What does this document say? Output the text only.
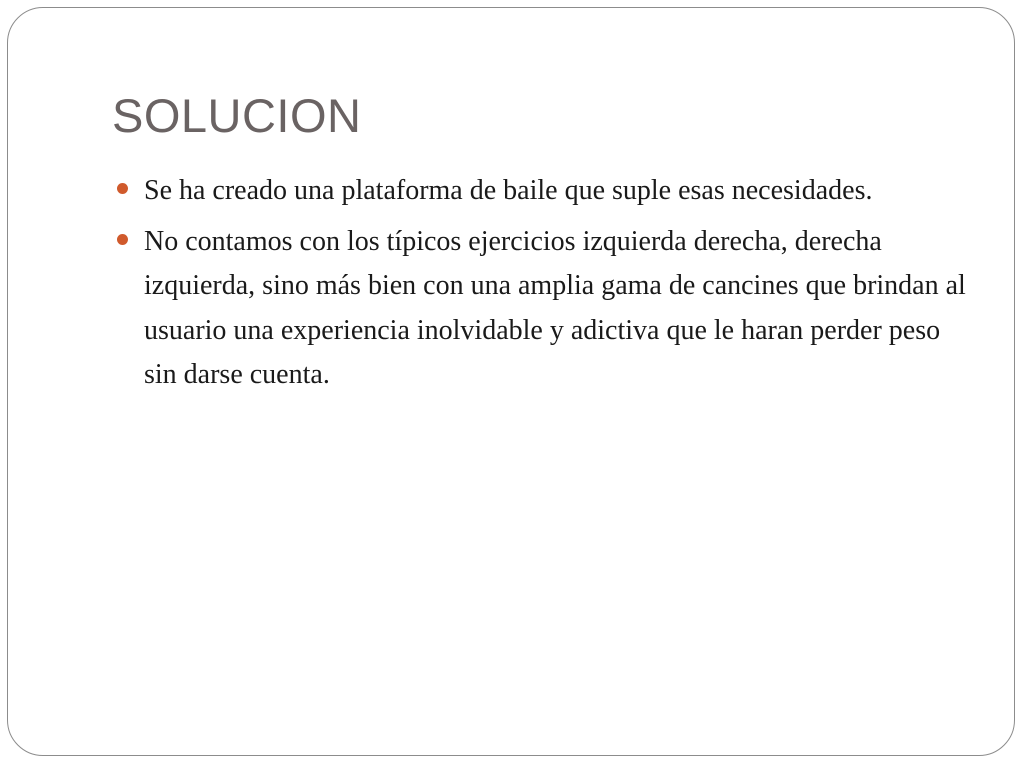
SOLUCION
Se ha creado una plataforma de baile que suple esas necesidades.
No contamos con los típicos ejercicios izquierda derecha, derecha izquierda, sino más bien con una amplia gama de cancines que brindan al usuario una experiencia inolvidable y adictiva que le haran perder peso sin darse cuenta.
